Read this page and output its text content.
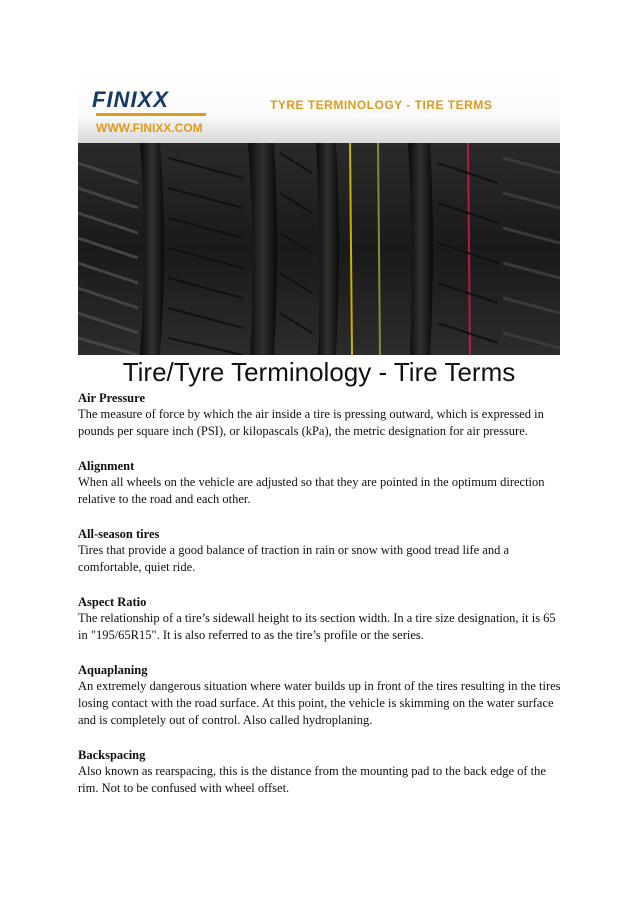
FINIXX
WWW.FINIXX.COM
TYRE TERMINOLOGY - TIRE TERMS
Tire/Tyre Terminology - Tire Terms

Air Pressure

The measure of force by which the air inside a tire is pressing outward, which is expressed in pounds per square inch (PSI), or kilopascals (kPa), the metric designation for air pressure.

Alignment

When all wheels on the vehicle are adjusted so that they are pointed in the optimum direction relative to the road and each other.

All-season tires

Tires that provide a good balance of traction in rain or snow with good tread life and a comfortable, quiet ride.

Aspect Ratio

The relationship of a tire’s sidewall height to its section width. In a tire size designation, it is 65 in "195/65R15". It is also referred to as the tire’s profile or the series.

Aquaplaning

An extremely dangerous situation where water builds up in front of the tires resulting in the tires losing contact with the road surface. At this point, the vehicle is skimming on the water surface and is completely out of control. Also called hydroplaning.

Backspacing

Also known as rearspacing, this is the distance from the mounting pad to the back edge of the rim. Not to be confused with wheel offset.
